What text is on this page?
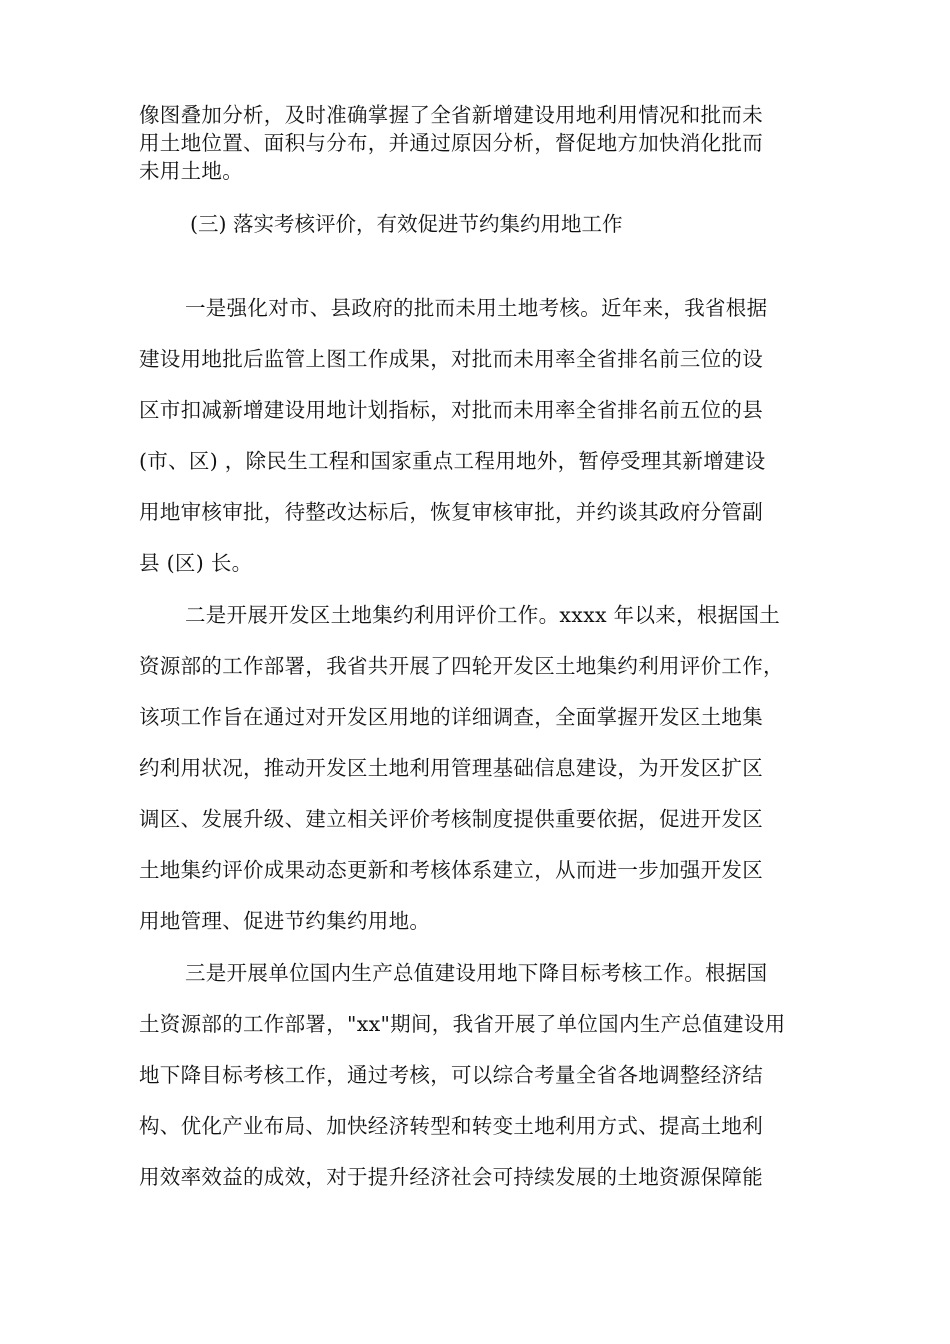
像图叠加分析，及时准确掌握了全省新增建设用地利用情况和批而未
用土地位置、面积与分布，并通过原因分析，督促地方加快消化批而
未用土地。
(三) 落实考核评价，有效促进节约集约用地工作
一是强化对市、县政府的批而未用土地考核。近年来，我省根据
建设用地批后监管上图工作成果，对批而未用率全省排名前三位的设
区市扣减新增建设用地计划指标，对批而未用率全省排名前五位的县
(市、区) ，除民生工程和国家重点工程用地外，暂停受理其新增建设
用地审核审批，待整改达标后，恢复审核审批，并约谈其政府分管副
县 (区) 长。
二是开展开发区土地集约利用评价工作。xxxx 年以来，根据国土
资源部的工作部署，我省共开展了四轮开发区土地集约利用评价工作，
该项工作旨在通过对开发区用地的详细调查，全面掌握开发区土地集
约利用状况，推动开发区土地利用管理基础信息建设，为开发区扩区
调区、发展升级、建立相关评价考核制度提供重要依据，促进开发区
土地集约评价成果动态更新和考核体系建立，从而进一步加强开发区
用地管理、促进节约集约用地。
三是开展单位国内生产总值建设用地下降目标考核工作。根据国
土资源部的工作部署，"xx"期间，我省开展了单位国内生产总值建设用
地下降目标考核工作，通过考核，可以综合考量全省各地调整经济结
构、优化产业布局、加快经济转型和转变土地利用方式、提高土地利
用效率效益的成效，对于提升经济社会可持续发展的土地资源保障能
